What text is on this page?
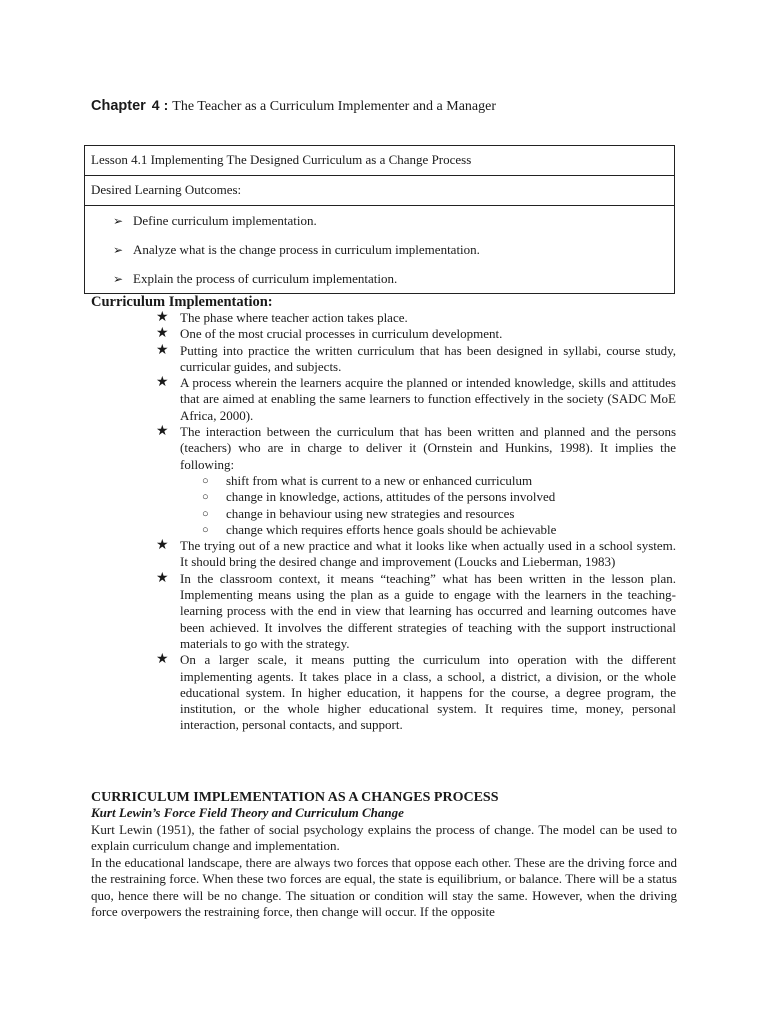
Chapter 4 : The Teacher as a Curriculum Implementer and a Manager
Lesson 4.1 Implementing The Designed Curriculum as a Change Process
Desired Learning Outcomes:
➢ Define curriculum implementation.
➢ Analyze what is the change process in curriculum implementation.
➢ Explain the process of curriculum implementation.
Curriculum Implementation:
★ The phase where teacher action takes place.
★ One of the most crucial processes in curriculum development.
★ Putting into practice the written curriculum that has been designed in syllabi, course study, curricular guides, and subjects.
★ A process wherein the learners acquire the planned or intended knowledge, skills and attitudes that are aimed at enabling the same learners to function effectively in the society (SADC MoE Africa, 2000).
★ The interaction between the curriculum that has been written and planned and the persons (teachers) who are in charge to deliver it (Ornstein and Hunkins, 1998). It implies the following:
○	shift from what is current to a new or enhanced curriculum
○	change in knowledge, actions, attitudes of the persons involved
○	change in behaviour using new strategies and resources
○	change which requires efforts hence goals should be achievable
★ The trying out of a new practice and what it looks like when actually used in a school system. It should bring the desired change and improvement (Loucks and Lieberman, 1983)
★ In the classroom context, it means “teaching” what has been written in the lesson plan. Implementing means using the plan as a guide to engage with the learners in the teaching-learning process with the end in view that learning has occurred and learning outcomes have been achieved. It involves the different strategies of teaching with the support instructional materials to go with the strategy.
★ On a larger scale, it means putting the curriculum into operation with the different implementing agents. It takes place in a class, a school, a district, a division, or the whole educational system. In higher education, it happens for the course, a degree program, the institution, or the whole higher educational system. It requires time, money, personal interaction, personal contacts, and support.
CURRICULUM IMPLEMENTATION AS A CHANGES PROCESS
Kurt Lewin’s Force Field Theory and Curriculum Change
Kurt Lewin (1951), the father of social psychology explains the process of change. The model can be used to explain curriculum change and implementation.
In the educational landscape, there are always two forces that oppose each other. These are the driving force and the restraining force. When these two forces are equal, the state is equilibrium, or balance. There will be a status quo, hence there will be no change. The situation or condition will stay the same. However, when the driving force overpowers the restraining force, then change will occur. If the opposite
